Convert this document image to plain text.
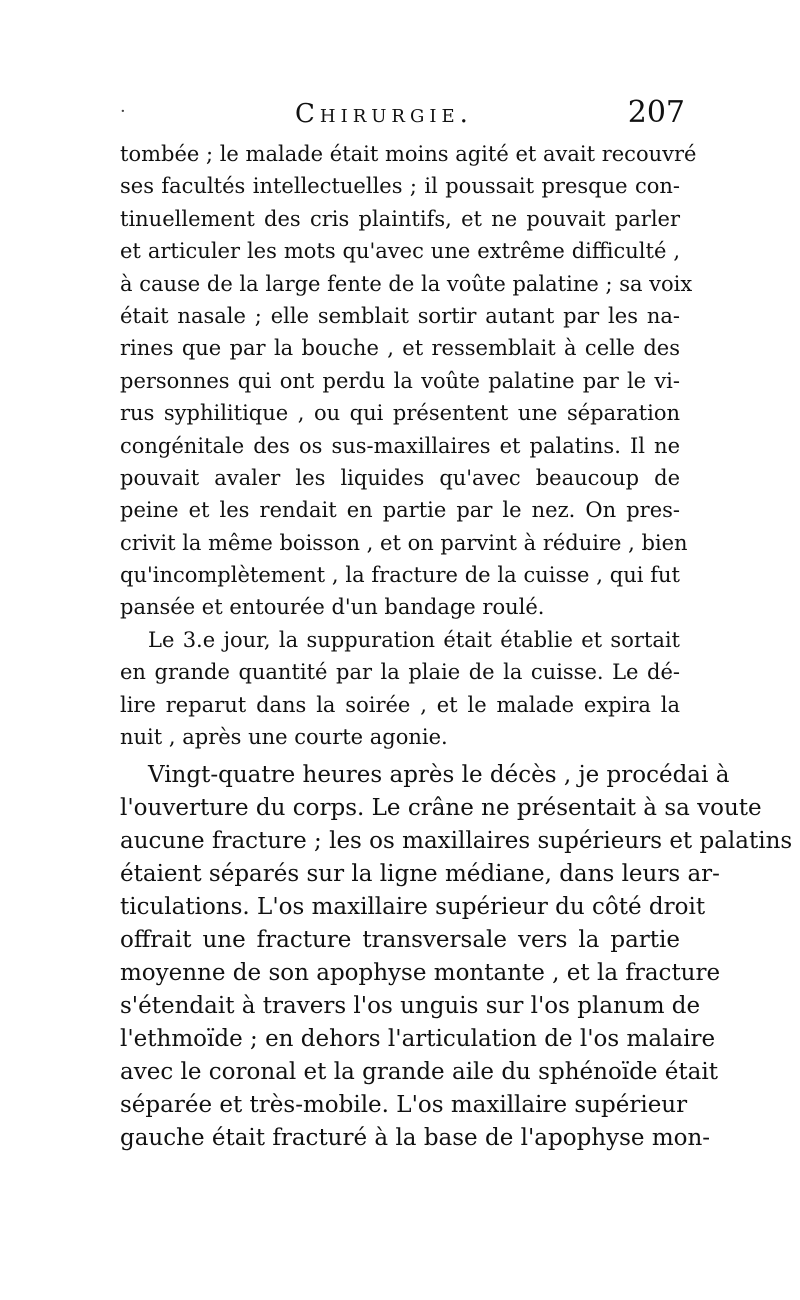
·	Chirurgie.	207
tombée ; le malade était moins agité et avait recouvré
ses facultés intellectuelles ; il poussait presque con-
tinuellement des cris plaintifs, et ne pouvait parler
et articuler les mots qu'avec une extrême difficulté ,
à cause de la large fente de la voûte palatine ; sa voix
était nasale ; elle semblait sortir autant par les na-
rines que par la bouche , et ressemblait à celle des
personnes qui ont perdu la voûte palatine par le vi-
rus syphilitique , ou qui présentent une séparation
congénitale des os sus-maxillaires et palatins. Il ne
pouvait avaler les liquides qu'avec beaucoup de
peine et les rendait en partie par le nez. On pres-
crivit la même boisson , et on parvint à réduire , bien
qu'incomplètement , la fracture de la cuisse , qui fut
pansée et entourée d'un bandage roulé.
Le 3.e jour, la suppuration était établie et sortait
en grande quantité par la plaie de la cuisse. Le dé-
lire reparut dans la soirée , et le malade expira la
nuit , après une courte agonie.
Vingt-quatre heures après le décès , je procédai à
l'ouverture du corps. Le crâne ne présentait à sa voute
aucune fracture ; les os maxillaires supérieurs et palatins
étaient séparés sur la ligne médiane, dans leurs ar-
ticulations. L'os maxillaire supérieur du côté droit
offrait une fracture transversale vers la partie
moyenne de son apophyse montante , et la fracture
s'étendait à travers l'os unguis sur l'os planum de
l'ethmoïde ; en dehors l'articulation de l'os malaire
avec le coronal et la grande aile du sphénoïde était
séparée et très-mobile. L'os maxillaire supérieur
gauche était fracturé à la base de l'apophyse mon-
